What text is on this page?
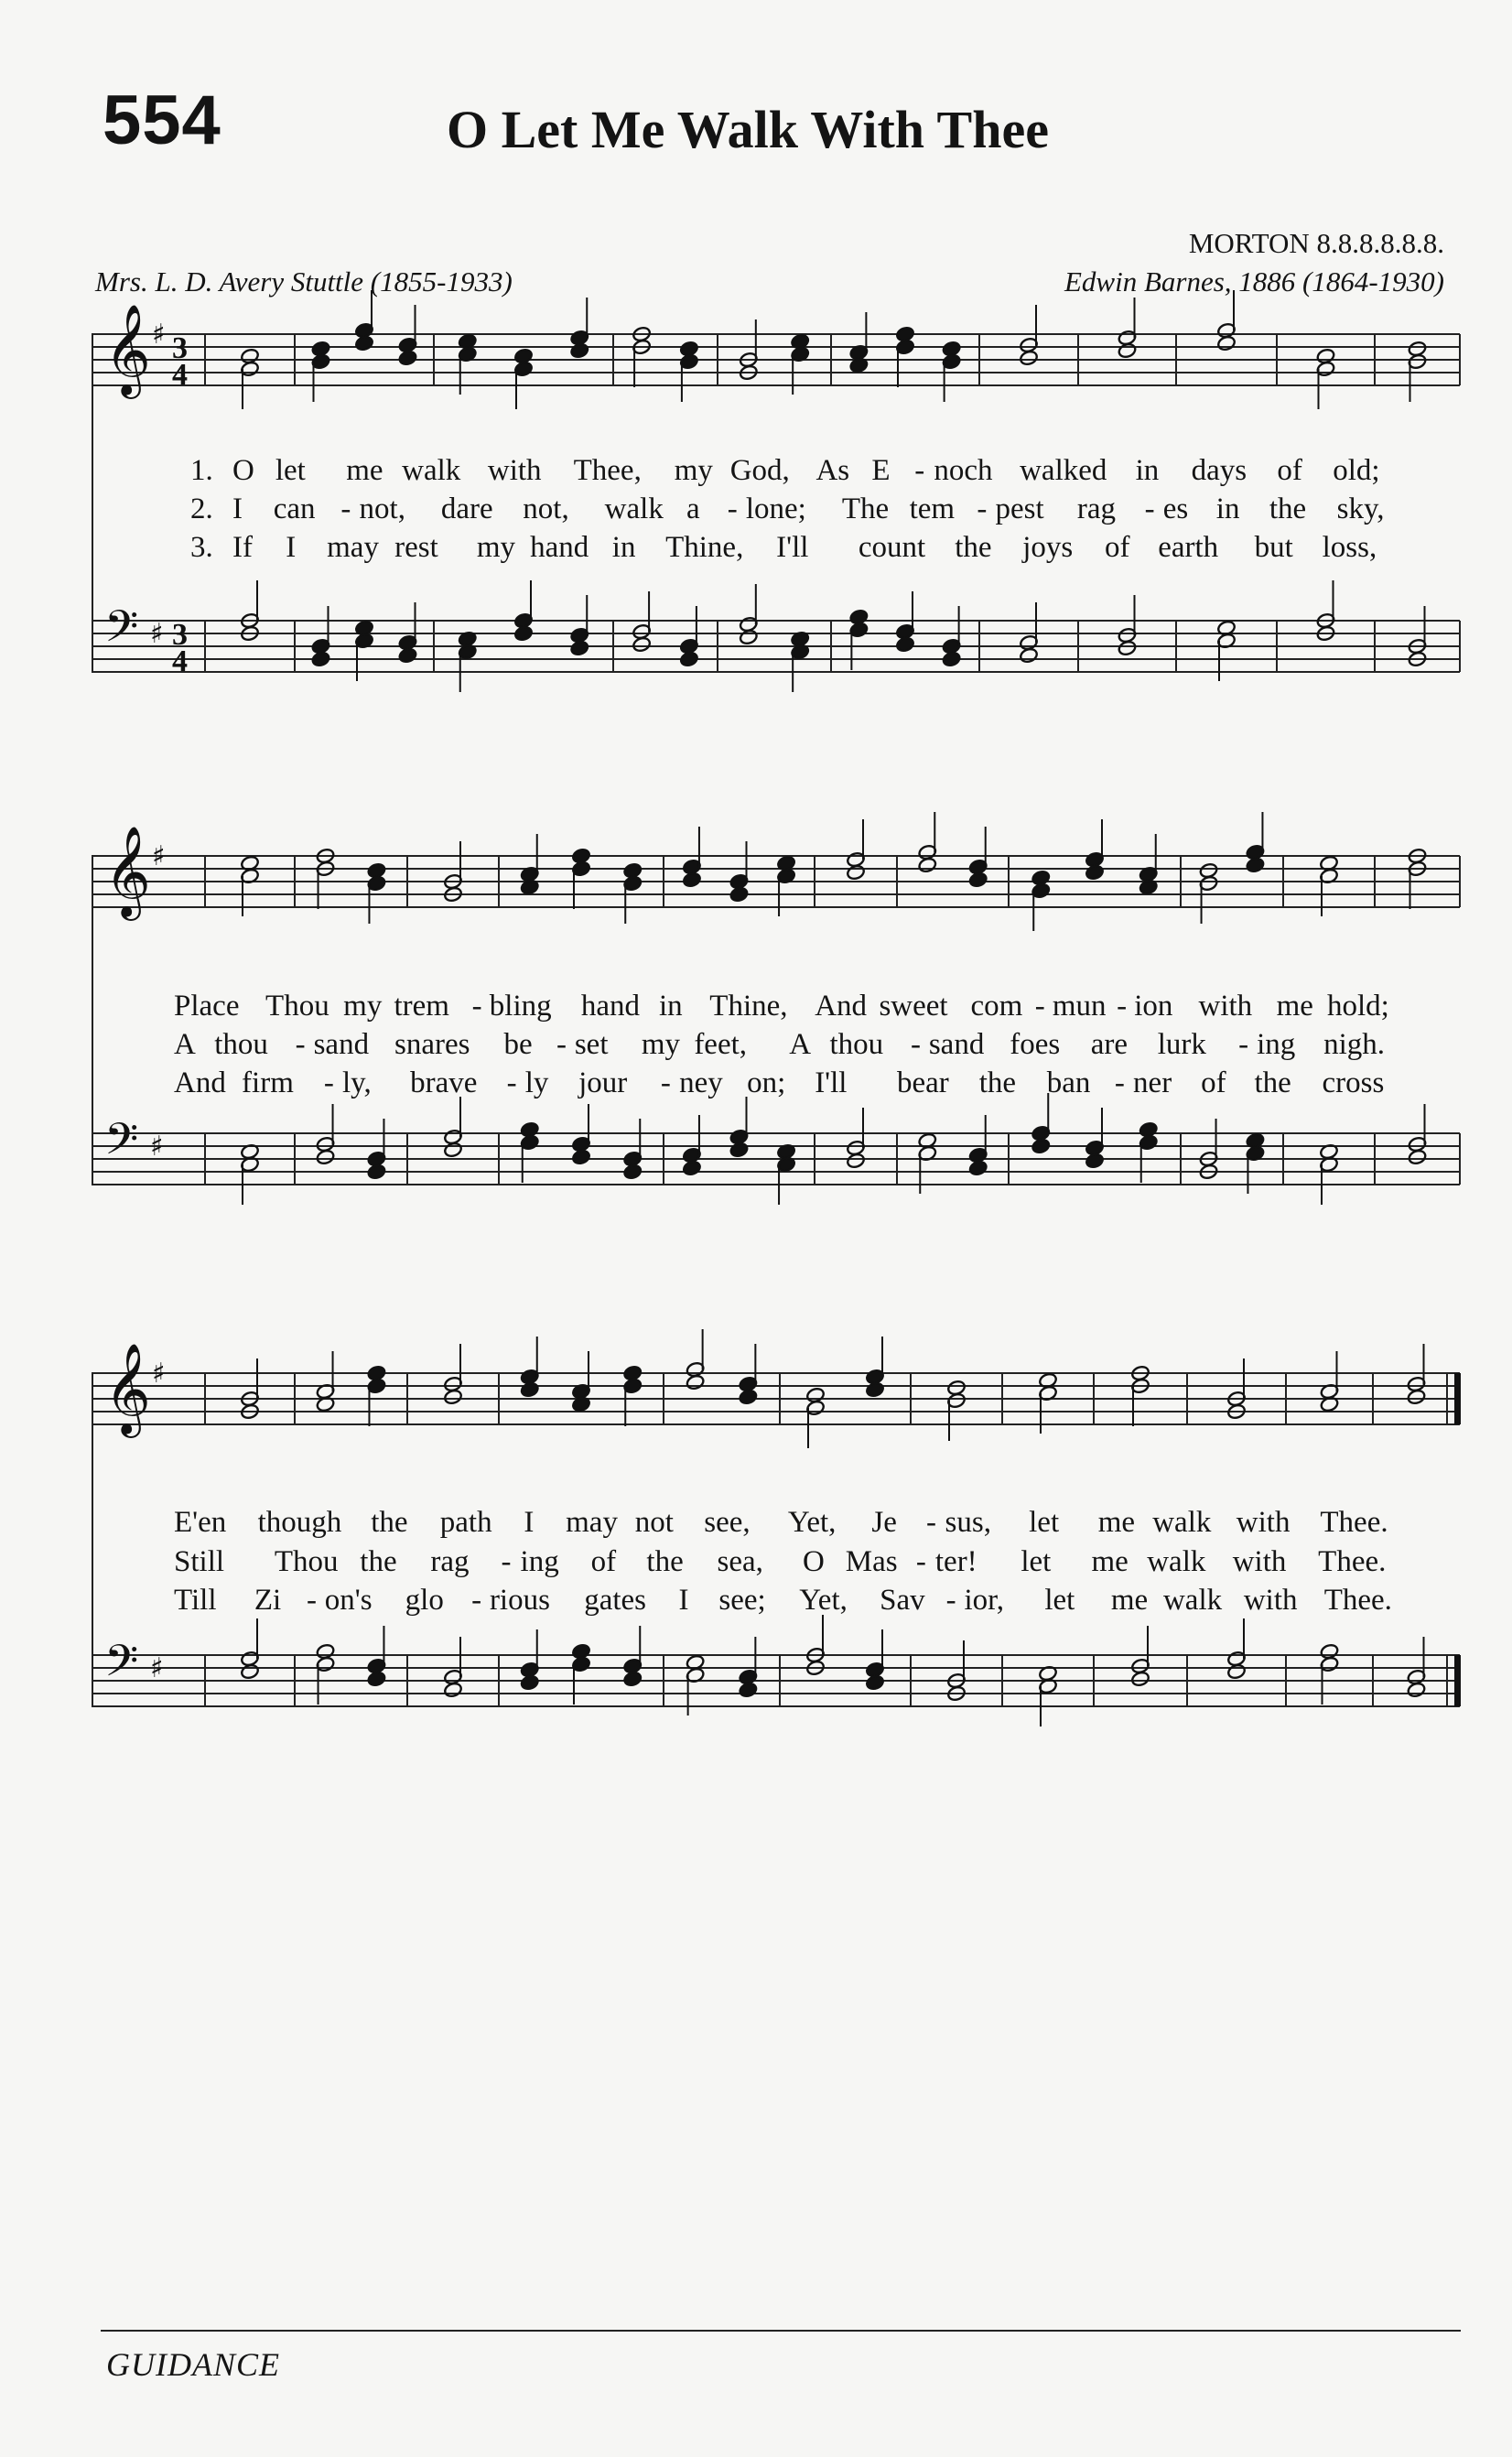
554	O Let Me Walk With Thee
MORTON 8.8.8.8.8.8.
Mrs. L. D. Avery Stuttle (1855-1933)	Edwin Barnes, 1886 (1864-1930)
𝄞 ♯ 3
4
𝄢 ♯ 3
4
𝄞 ♯
𝄢 ♯
𝄞 ♯
𝄢 ♯
GUIDANCE
1. O let me walk with Thee, my God, As E - noch walked in days of old;
2. I can - not, dare not, walk a - lone; The tem - pest rag - es in the sky,
3. If I may rest my hand in Thine, I'll count the joys of earth but loss,
Place Thou my trem - bling hand in Thine, And sweet com - mun - ion with me hold;
A thou - sand snares be - set my feet, A thou - sand foes are lurk - ing nigh.
And firm - ly, brave - ly jour - ney on; I'll bear the ban - ner of the cross
E'en though the path I may not see, Yet, Je - sus, let me walk with Thee.
Still Thou the rag - ing of the sea, O Mas - ter! let me walk with Thee.
Till Zi - on's glo - rious gates I see; Yet, Sav - ior, let me walk with Thee.
